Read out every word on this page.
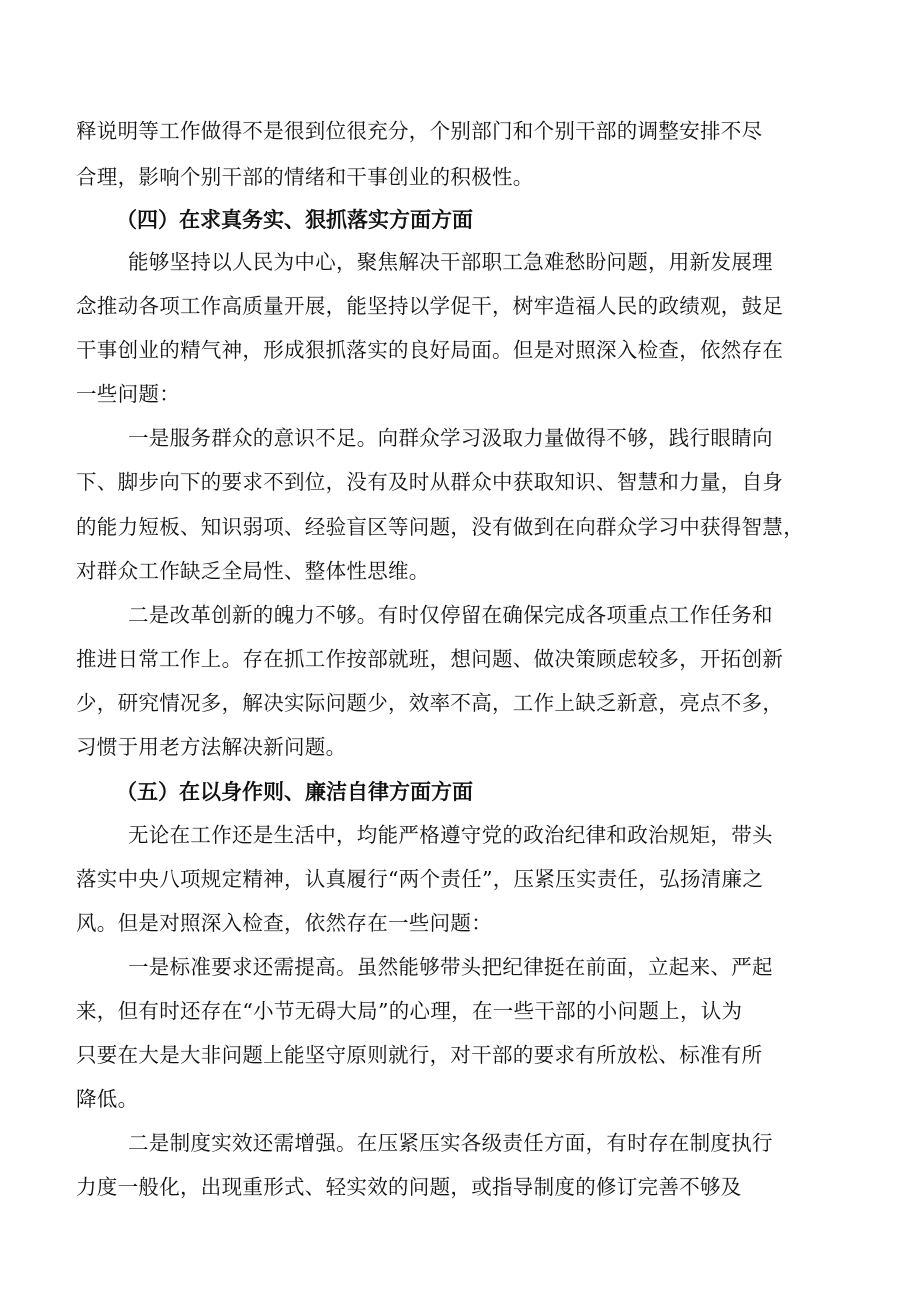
释说明等工作做得不是很到位很充分，个别部门和个别干部的调整安排不尽
合理，影响个别干部的情绪和干事创业的积极性。
（四）在求真务实、狠抓落实方面方面
能够坚持以人民为中心，聚焦解决干部职工急难愁盼问题，用新发展理
念推动各项工作高质量开展，能坚持以学促干，树牢造福人民的政绩观，鼓足
干事创业的精气神，形成狠抓落实的良好局面。但是对照深入检查，依然存在
一些问题：
一是服务群众的意识不足。向群众学习汲取力量做得不够，践行眼睛向
下、脚步向下的要求不到位，没有及时从群众中获取知识、智慧和力量，自身
的能力短板、知识弱项、经验盲区等问题，没有做到在向群众学习中获得智慧，
对群众工作缺乏全局性、整体性思维。
二是改革创新的魄力不够。有时仅停留在确保完成各项重点工作任务和
推进日常工作上。存在抓工作按部就班，想问题、做决策顾虑较多，开拓创新
少，研究情况多，解决实际问题少，效率不高，工作上缺乏新意，亮点不多，
习惯于用老方法解决新问题。
（五）在以身作则、廉洁自律方面方面
无论在工作还是生活中，均能严格遵守党的政治纪律和政治规矩，带头
落实中央八项规定精神，认真履行“两个责任”，压紧压实责任，弘扬清廉之
风。但是对照深入检查，依然存在一些问题：
一是标准要求还需提高。虽然能够带头把纪律挺在前面，立起来、严起
来，但有时还存在“小节无碍大局”的心理，在一些干部的小问题上，认为
只要在大是大非问题上能坚守原则就行，对干部的要求有所放松、标准有所
降低。
二是制度实效还需增强。在压紧压实各级责任方面，有时存在制度执行
力度一般化，出现重形式、轻实效的问题，或指导制度的修订完善不够及
